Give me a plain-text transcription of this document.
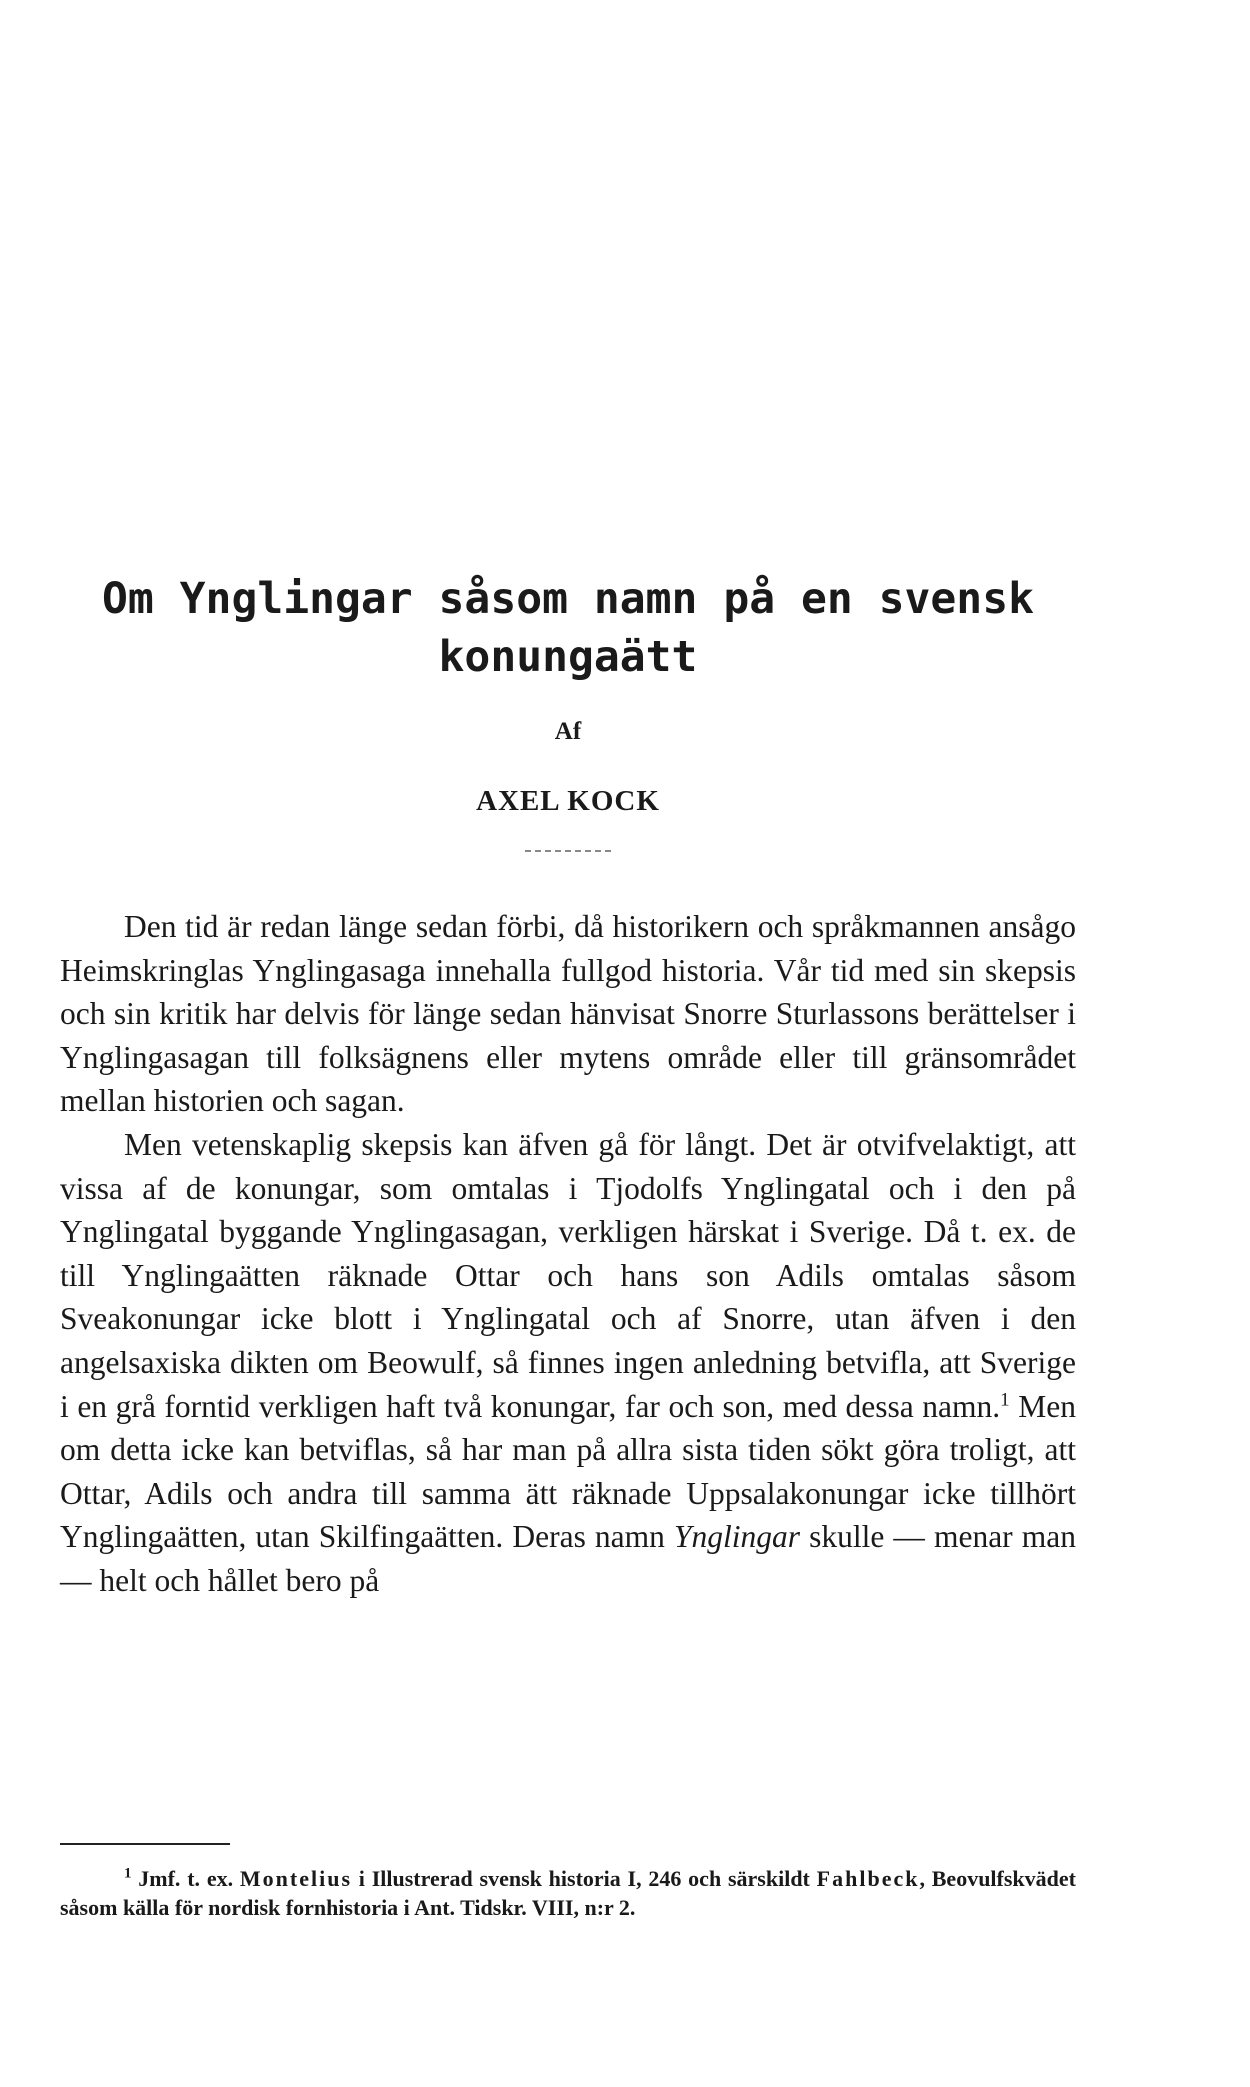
Om Ynglingar såsom namn på en svensk
konungaätt
Af
AXEL KOCK

Den tid är redan länge sedan förbi, då historikern och språkmannen ansågo Heimskringlas Ynglingasaga innehalla fullgod historia. Vår tid med sin skepsis och sin kritik har delvis för länge sedan hänvisat Snorre Sturlassons berättelser i Ynglingasagan till folksägnens eller mytens område eller till gränsområdet mellan historien och sagan.

Men vetenskaplig skepsis kan äfven gå för långt. Det är otvifvelaktigt, att vissa af de konungar, som omtalas i Tjodolfs Ynglingatal och i den på Ynglingatal byggande Ynglingasagan, verkligen härskat i Sverige. Då t. ex. de till Ynglingaätten räknade Ottar och hans son Adils omtalas såsom Sveakonungar icke blott i Ynglingatal och af Snorre, utan äfven i den angelsaxiska dikten om Beowulf, så finnes ingen anledning betvifla, att Sverige i en grå forntid verkligen haft två konungar, far och son, med dessa namn.$^1$ Men om detta icke kan betviflas, så har man på allra sista tiden sökt göra troligt, att Ottar, Adils och andra till samma ätt räknade Uppsalakonungar icke tillhört Ynglingaätten, utan Skilfingaätten. Deras namn Ynglingar skulle — menar man — helt och hållet bero på

$^1$ Jmf. t. ex. Montelius i Illustrerad svensk historia I, 246 och särskildt Fahlbeck, Beovulfskvädet såsom källa för nordisk fornhistoria i Ant. Tidskr. VIII, n:r 2.
